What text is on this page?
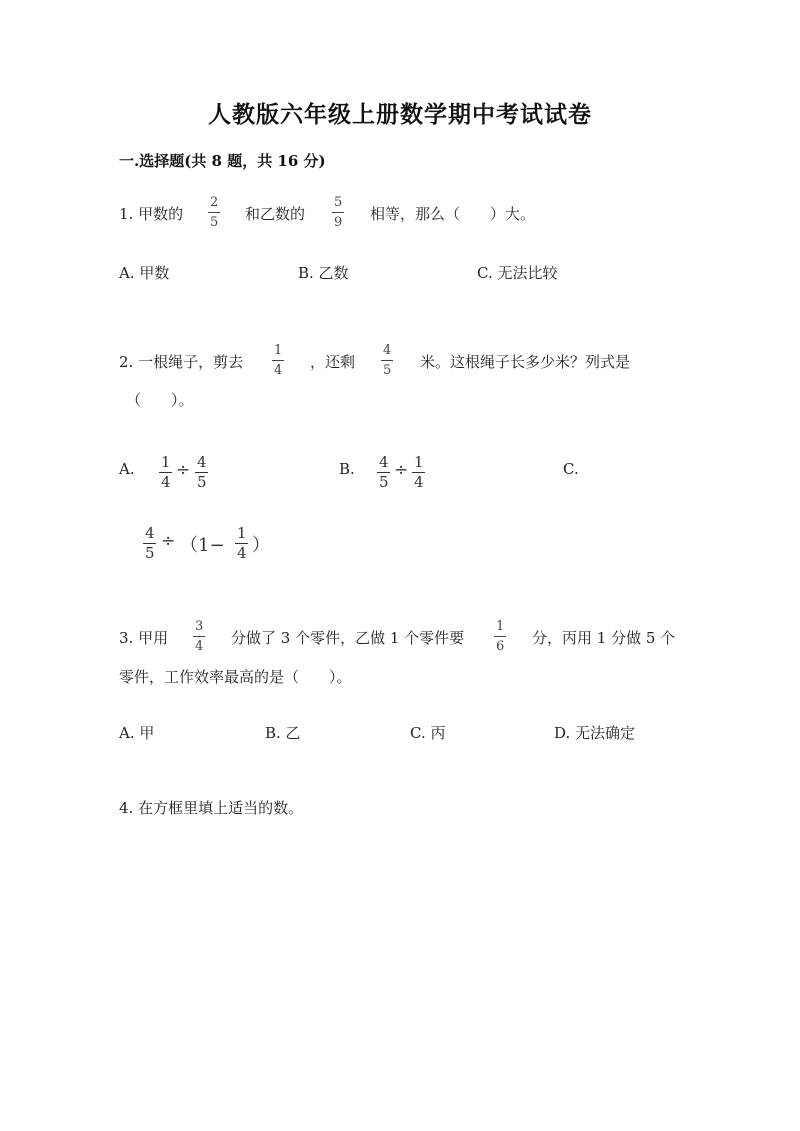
人教版六年级上册数学期中考试试卷
一.选择题(共 8 题，共 16 分)
1. 甲数的
2
5 和乙数的
5
9 相等，那么（　　）大。
A. 甲数	B. 乙数	C. 无法比较
2. 一根绳子，剪去
1
4 ，还剩
4
5 米。这根绳子长多少米？列式是
（　　）。
A. 1
4
÷ 4
5
B. 4
5
÷ 1
4
C.
4
5
÷ （1−
1
4 ）
3. 甲用
3
4 分做了 3 个零件，乙做 1 个零件要
1
6 分，丙用 1 分做 5 个
零件，工作效率最高的是（　　）。
A. 甲	B. 乙	C. 丙	D. 无法确定
4. 在方框里填上适当的数。
